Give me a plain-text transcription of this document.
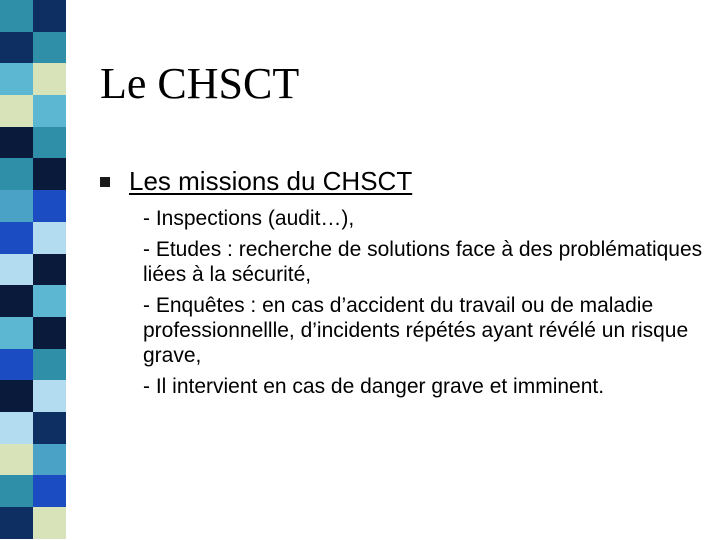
Le CHSCT
Les missions du CHSCT
- Inspections (audit…),
- Etudes : recherche de solutions face à des problématiques liées à la sécurité,
- Enquêtes : en cas d’accident du travail ou de maladie professionnellle, d’incidents répétés ayant révélé un risque grave,
- Il intervient en cas de danger grave et imminent.
